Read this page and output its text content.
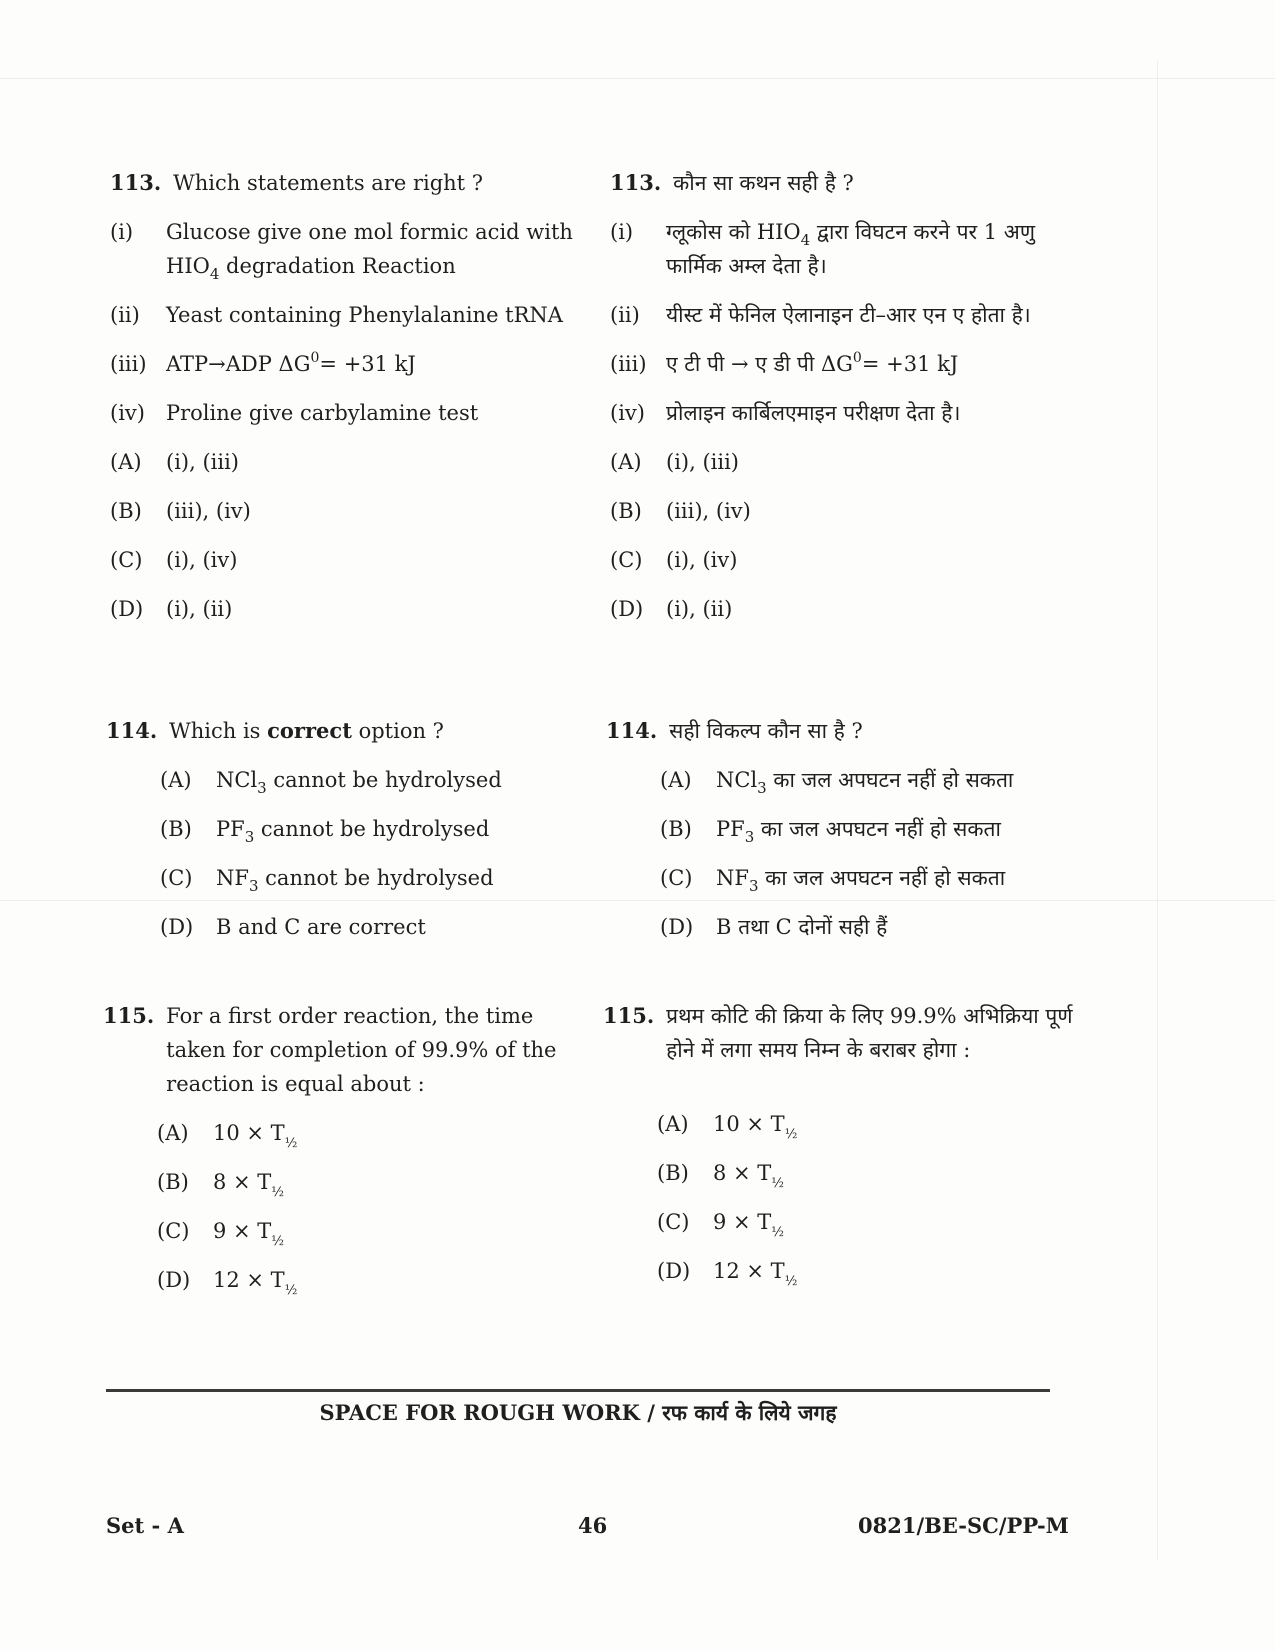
113. Which statements are right ?
(i)	Glucose give one mol formic acid with $HIO_4$ degradation Reaction
(ii)	Yeast containing Phenylalanine tRNA
(iii) ATP→ADP $\Delta G^0= +31$ kJ
(iv)	Proline give carbylamine test
(A)	(i), (iii)
(B)	(iii), (iv)
(C)	(i), (iv)
(D)	(i), (ii)
113. कौन सा कथन सही है ?
(i)	ग्लूकोस को $HIO_4$ द्वारा विघटन करने पर 1 अणु फार्मिक अम्ल देता है।
(ii)	यीस्ट में फेनिल ऐलानाइन टी–आर एन ए होता है।
(iii) ए टी पी → ए डी पी $\Delta G^0= +31$ kJ
(iv)	प्रोलाइन कार्बिलएमाइन परीक्षण देता है।
(A)	(i), (iii)
(B)	(iii), (iv)
(C)	(i), (iv)
(D)	(i), (ii)
114. Which is correct option ?
(A)	NCl$_3$ cannot be hydrolysed
(B)	$PF_3$ cannot be hydrolysed
(C)	$NF_3$ cannot be hydrolysed
(D)	B and C are correct
114. सही विकल्प कौन सा है ?
(A)	NCl$_3$ का जल अपघटन नहीं हो सकता
(B)	$PF_3$ का जल अपघटन नहीं हो सकता
(C)	$NF_3$ का जल अपघटन नहीं हो सकता
(D)	B तथा C दोनों सही हैं
115. For a first order reaction, the time taken for completion of 99.9% of the reaction is equal about :
(A)	$10 \times T_{\frac{1}{2}}$
(B)	$8 \times T_{\frac{1}{2}}$
(C)	$9 \times T_{\frac{1}{2}}$
(D)	$12 \times T_{\frac{1}{2}}$
115. प्रथम कोटि की क्रिया के लिए 99.9% अभिक्रिया पूर्ण होने में लगा समय निम्न के बराबर होगा :
(A)	$10 \times T_{\frac{1}{2}}$
(B)	$8 \times T_{\frac{1}{2}}$
(C)	$9 \times T_{\frac{1}{2}}$
(D)	$12 \times T_{\frac{1}{2}}$
SPACE FOR ROUGH WORK / रफ कार्य के लिये जगह
Set - A	46	0821/BE-SC/PP-M
